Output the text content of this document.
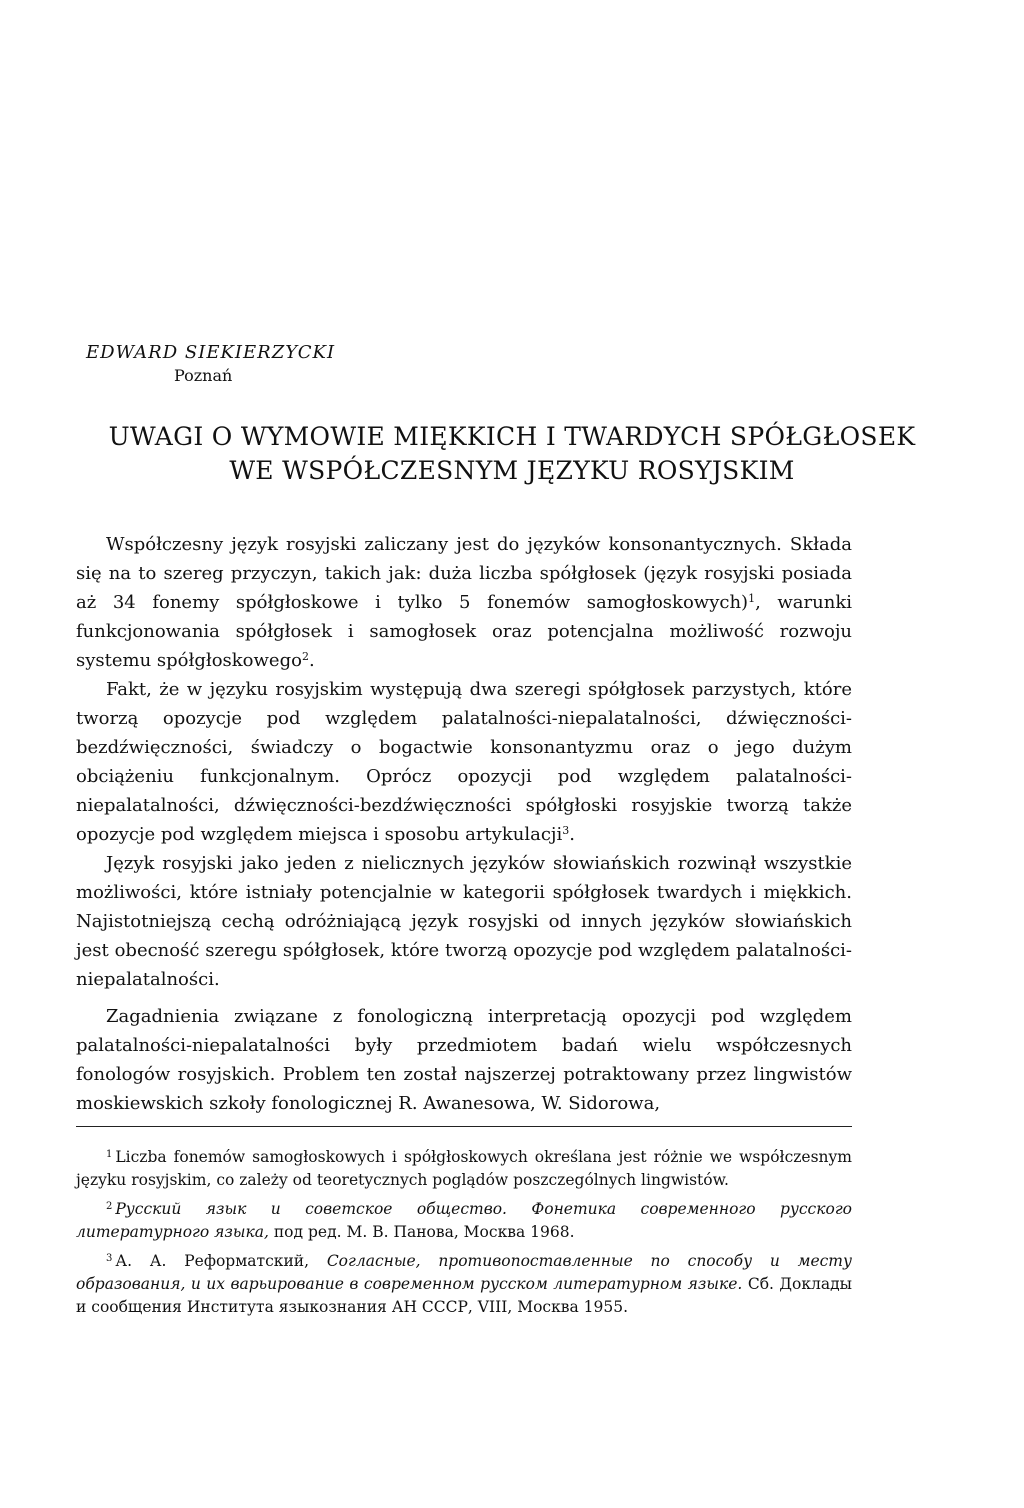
EDWARD SIEKIERZYCKI

Poznań

UWAGI O WYMOWIE MIĘKKICH I TWARDYCH SPÓŁGŁOSEK
WE WSPÓŁCZESNYM JĘZYKU ROSYJSKIM

Współczesny język rosyjski zaliczany jest do języków konsonantycznych. Składa się na to szereg przyczyn, takich jak: duża liczba spółgłosek (język rosyjski posiada aż 34 fonemy spółgłoskowe i tylko 5 fonemów samogłoskowych)$^1$, warunki funkcjonowania spółgłosek i samogłosek oraz potencjalna możliwość rozwoju systemu spółgłoskowego$^2$.

Fakt, że w języku rosyjskim występują dwa szeregi spółgłosek parzystych, które tworzą opozycje pod względem palatalności-niepalatalności, dźwięczności-bezdźwięczności, świadczy o bogactwie konsonantyzmu oraz o jego dużym obciążeniu funkcjonalnym. Oprócz opozycji pod względem palatalności-niepalatalności, dźwięczności-bezdźwięczności spółgłoski rosyjskie tworzą także opozycje pod względem miejsca i sposobu artykulacji$^3$.

Język rosyjski jako jeden z nielicznych języków słowiańskich rozwinął wszystkie możliwości, które istniały potencjalnie w kategorii spółgłosek twardych i miękkich. Najistotniejszą cechą odróżniającą język rosyjski od innych języków słowiańskich jest obecność szeregu spółgłosek, które tworzą opozycje pod względem palatalności-niepalatalności.

Zagadnienia związane z fonologiczną interpretacją opozycji pod względem palatalności-niepalatalności były przedmiotem badań wielu współczesnych fonologów rosyjskich. Problem ten został najszerzej potraktowany przez lingwistów moskiewskich szkoły fonologicznej R. Awanesowa, W. Sidorowa,

$^1$ Liczba fonemów samogłoskowych i spółgłoskowych określana jest różnie we współczesnym języku rosyjskim, co zależy od teoretycznych poglądów poszczególnych lingwistów.

$^2$ Русский язык и советское общество. Фонетика современного русского литературного языка, под ред. М. В. Панова, Москва 1968.

$^3$ А. А. Реформатский, Согласные, противопоставленные по способу и месту образования, и их варьирование в современном русском литературном языке. Сб. Доклады и сообщения Института языкознания АН СССР, VIII, Москва 1955.
